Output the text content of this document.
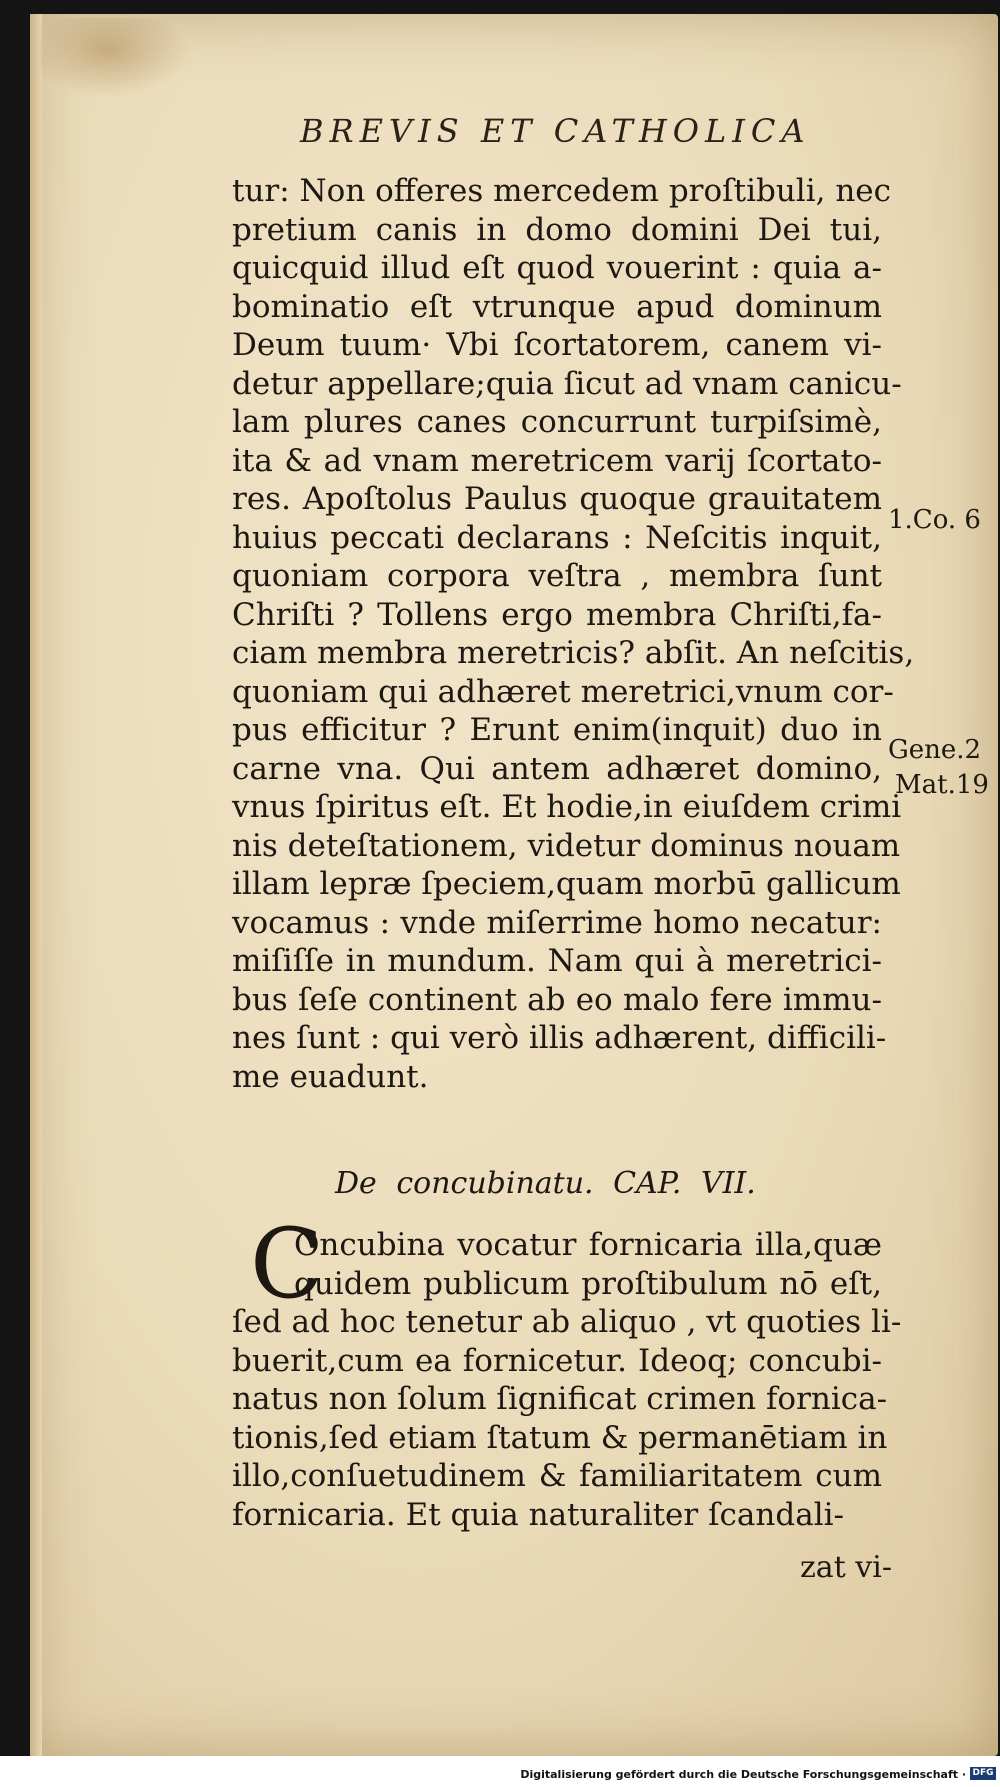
BREVIS ET CATHOLICA
tur: Non offeres mercedem proſtibuli, nec
pretium canis in domo domini Dei tui,
quicquid illud eſt quod vouerint : quia a-
bominatio eſt vtrunque apud dominum
Deum tuum· Vbi ſcortatorem, canem vi-
detur appellare;quia ſicut ad vnam canicu-
lam plures canes concurrunt turpiſsimè,
ita & ad vnam meretricem varij ſcortato-
res. Apoſtolus Paulus quoque grauitatem
huius peccati declarans : Neſcitis inquit,
quoniam corpora veſtra , membra ſunt
Chriſti ? Tollens ergo membra Chriſti,fa-
ciam membra meretricis? abſit. An neſcitis,
quoniam qui adhæret meretrici,vnum cor-
pus efficitur ? Erunt enim(inquit) duo in
carne vna. Qui antem adhæret domino,
vnus ſpiritus eſt. Et hodie,in eiuſdem crimi
nis deteſtationem, videtur dominus nouam
illam lepræ ſpeciem,quam morbū gallicum
vocamus : vnde miſerrime homo necatur:
miſiſſe in mundum. Nam qui à meretrici-
bus ſeſe continent ab eo malo fere immu-
nes ſunt : qui verò illis adhærent, difficili-
me euadunt.
1.Co. 6
Gene.2
Mat.19
De concubinatu. CAP. VII.
C
Oncubina vocatur fornicaria illa,quæ
quidem publicum proſtibulum nō eſt,
ſed ad hoc tenetur ab aliquo , vt quoties li-
buerit,cum ea fornicetur. Ideoq; concubi-
natus non ſolum ſignificat crimen fornica-
tionis,ſed etiam ſtatum & permanētiam in
illo,conſuetudinem & familiaritatem cum
fornicaria. Et quia naturaliter ſcandali-
zat vi-
Digitalisierung gefördert durch die Deutsche Forschungsgemeinschaft · DFG
